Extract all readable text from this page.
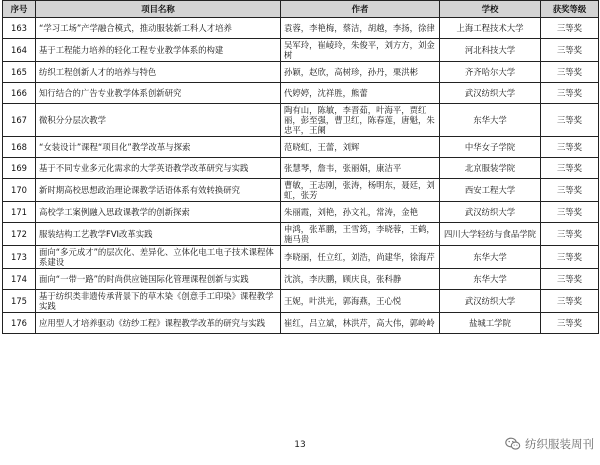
序号	项目名称	作者	学校	获奖等级
163	“学习工场”产学融合模式，推动服装新工科人才培养	袁蓉，李艳梅，蔡洁，胡越，李扬，徐律	上海工程技术大学	三等奖
164	基于工程能力培养的轻化工程专业教学体系的构建	吴军玲，崔崚玲，朱俊平，刘方方，刘金树	河北科技大学	三等奖
165	纺织工程创新人才的培养与特色	孙颖，赵欣，高树珍，孙丹，栗洪彬	齐齐哈尔大学	三等奖
166	知行结合的广告专业教学体系创新研究	代婷婷，沈祥胜，熊蕾	武汉纺织大学	三等奖
167	微积分分层次教学	陶有山，陈敏，李晋茹，叶海平，贾红丽，彭至强，曹卫红，陈春莲，唐魁，朱忠平，王阑	东华大学	三等奖
168	“女装设计”课程“项目化”教学改革与探索	范晓虹，王蕾，刘辉	中华女子学院	三等奖
169	基于不同专业多元化需求的大学英语教学改革研究与实践	张慧琴，詹韦，张丽娟，康洁平	北京服装学院	三等奖
170	新时期高校思想政治理论课教学话语体系有效转换研究	曹敏，王志刚，张涛，杨明东，聂廷，刘虹，张芳	西安工程大学	三等奖
171	高校学工案例融入思政课教学的创新探索	朱丽霞，刘艳，孙文礼，常涛，金艳	武汉纺织大学	三等奖
172	服装结构工艺教学FVI改革实践	申鸿，张革鹏，王雪筠，李晓蓉，王鹤，施马贵	四川大学轻纺与食品学院	三等奖
173	面向“多元成才”的层次化、差异化、立体化电工电子技术课程体系建设	李晓丽，任立红，刘浩，尚建华，徐海芹	东华大学	三等奖
174	面向“一带一路”的时尚供应链国际化管理课程创新与实践	沈滨，李庆鹏，顾庆良，张科静	东华大学	三等奖
175	基于纺织类非遗传承背景下的草木染《创意手工印染》课程教学实践	王妮，叶洪光，郭海燕，王心悦	武汉纺织大学	三等奖
176	应用型人才培养驱动《纺纱工程》课程教学改革的研究与实践	崔红，吕立斌，林洪芹，高大伟，郭岭岭	盐城工学院	三等奖
13	纺织服装周刊
